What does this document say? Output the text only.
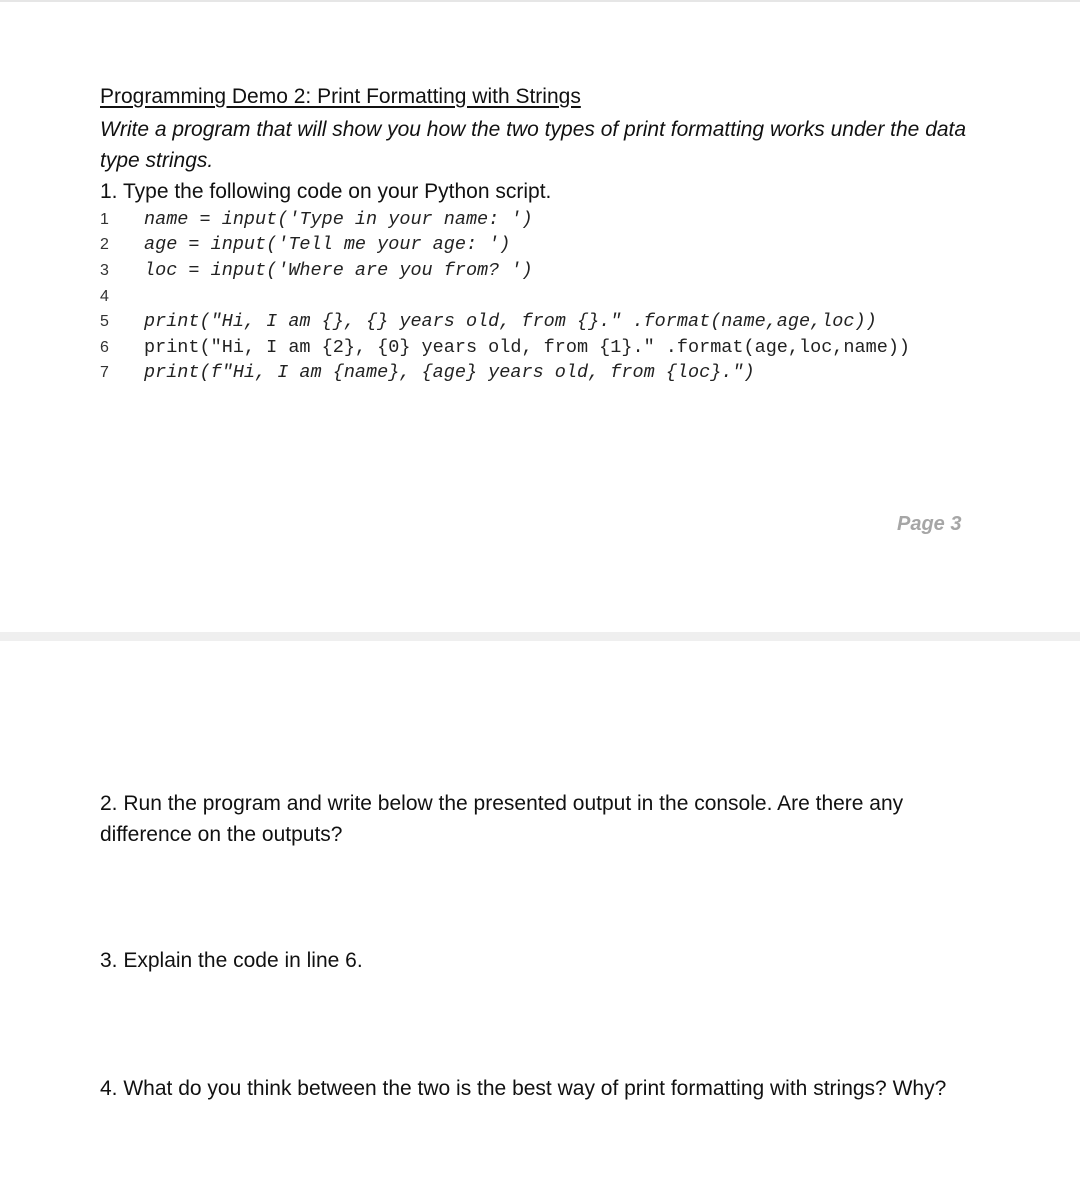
Programming Demo 2: Print Formatting with Strings

Write a program that will show you how the two types of print formatting works under the data type strings.

1. Type the following code on your Python script.

1

	name = input('Type in your name: ')

2

	age = input('Tell me your age: ')

3

	loc = input('Where are you from? ')

4

5

	print("Hi, I am {}, {} years old, from {}." .format(name,age,loc))

6

	print("Hi, I am {2}, {0} years old, from {1}." .format(age,loc,name))

7

	print(f"Hi, I am {name}, {age} years old, from {loc}.")

Page 3

2. Run the program and write below the presented output in the console. Are there any difference on the outputs?

3. Explain the code in line 6.

4. What do you think between the two is the best way of print formatting with strings? Why?
